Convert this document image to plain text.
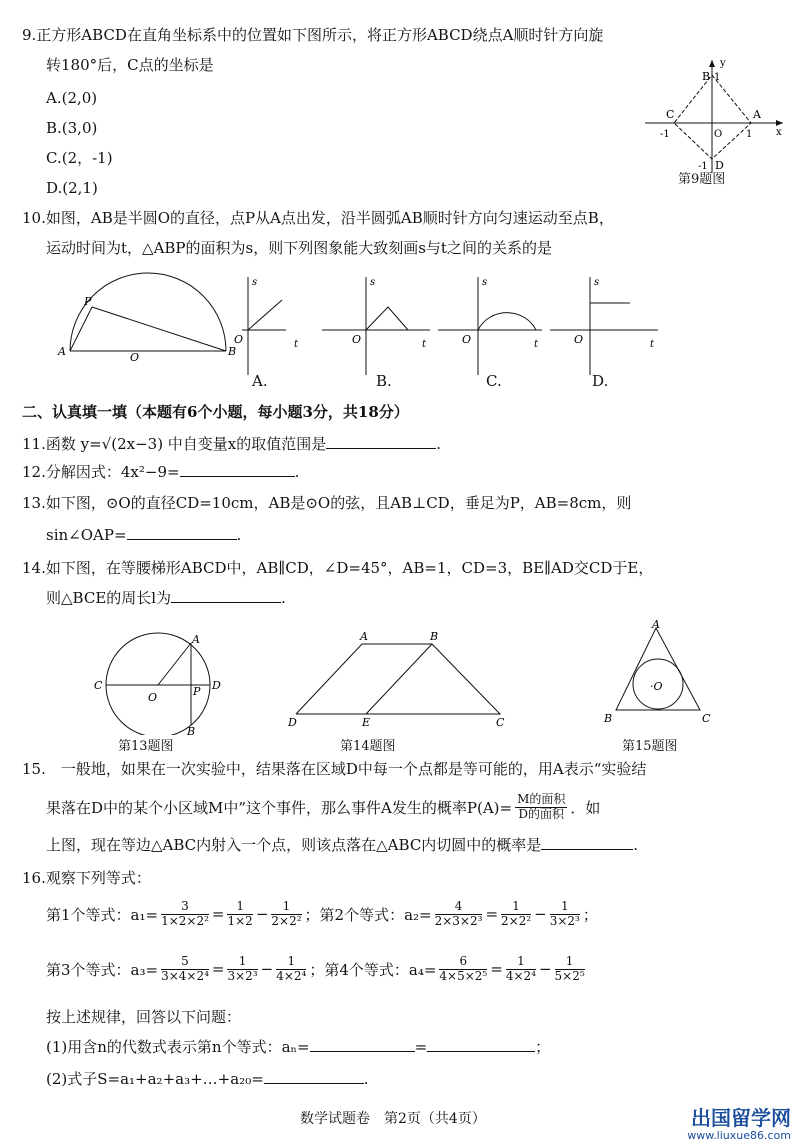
9.正方形ABCD在直角坐标系中的位置如下图所示，将正方形ABCD绕点A顺时针方向旋
转180°后，C点的坐标是
A.(2,0)
B.(3,0)
C.(2，-1)
D.(2,1)
y
B 1
C	A
-1	O 1 x
-1 D
第9题图
10.如图，AB是半圆O的直径，点P从A点出发，沿半圆弧AB顺时针方向匀速运动至点B，
运动时间为t，△ABP的面积为s，则下列图象能大致刻画s与t之间的关系的是
P
A	O	B
s
O	t
s
O	t
s
O	t
s
O	t
A.	B.	C.	D.
二、认真填一填（本题有6个小题，每小题3分，共18分）
11.函数 y=√(2x−3) 中自变量x的取值范围是	.
12.分解因式：4x²−9=	.
13.如下图，⊙O的直径CD=10cm，AB是⊙O的弦，且AB⊥CD，垂足为P，AB=8cm，则
sin∠OAP=	.
14.如下图，在等腰梯形ABCD中，AB∥CD，∠D=45°，AB=1，CD=3，BE∥AD交CD于E，
则△BCE的周长l为	.
A
C
O	P D
B
第13题图
A	B
D	E	C
第14题图
A
·O
B	C
第15题图
15.　一般地，如果在一次实验中，结果落在区域D中每一个点都是等可能的，用A表示“实验结
果落在D中的某个小区域M中”这个事件，那么事件A发生的概率$P(A)= \frac{\text{M的面积}}{\text{D的面积}}$ ．如
上图，现在等边△ABC内射入一个点，则该点落在△ABC内切圆中的概率是	.
16.观察下列等式：
第1个等式：$a_1= \frac{3}{\text{1×2×2²}} = \frac{1}{1\times 2} - \frac{1}{\text{2×2²}}$ ；第2个等式：$a_2= \frac{4}{\text{2×3×2³}} = \frac{1}{\text{2×2²}} - \frac{1}{\text{3×2³}}$ ；
第3个等式：$a_3= \frac{5}{\text{3×4×2⁴}} = \frac{1}{\text{3×2³}} - \frac{1}{\text{4×2⁴}}$ ；第4个等式：$a_4= \frac{6}{\text{4×5×2⁵}} = \frac{1}{\text{4×2⁴}} - \frac{1}{\text{5×2⁵}}$
按上述规律，回答以下问题：
(1)用含n的代数式表示第n个等式：aₙ=	=	；
(2)式子S=a₁+a₂+a₃+…+a₂₀=	.
数学试题卷　第2页（共4页）	出国留学网
www.liuxue86.com
